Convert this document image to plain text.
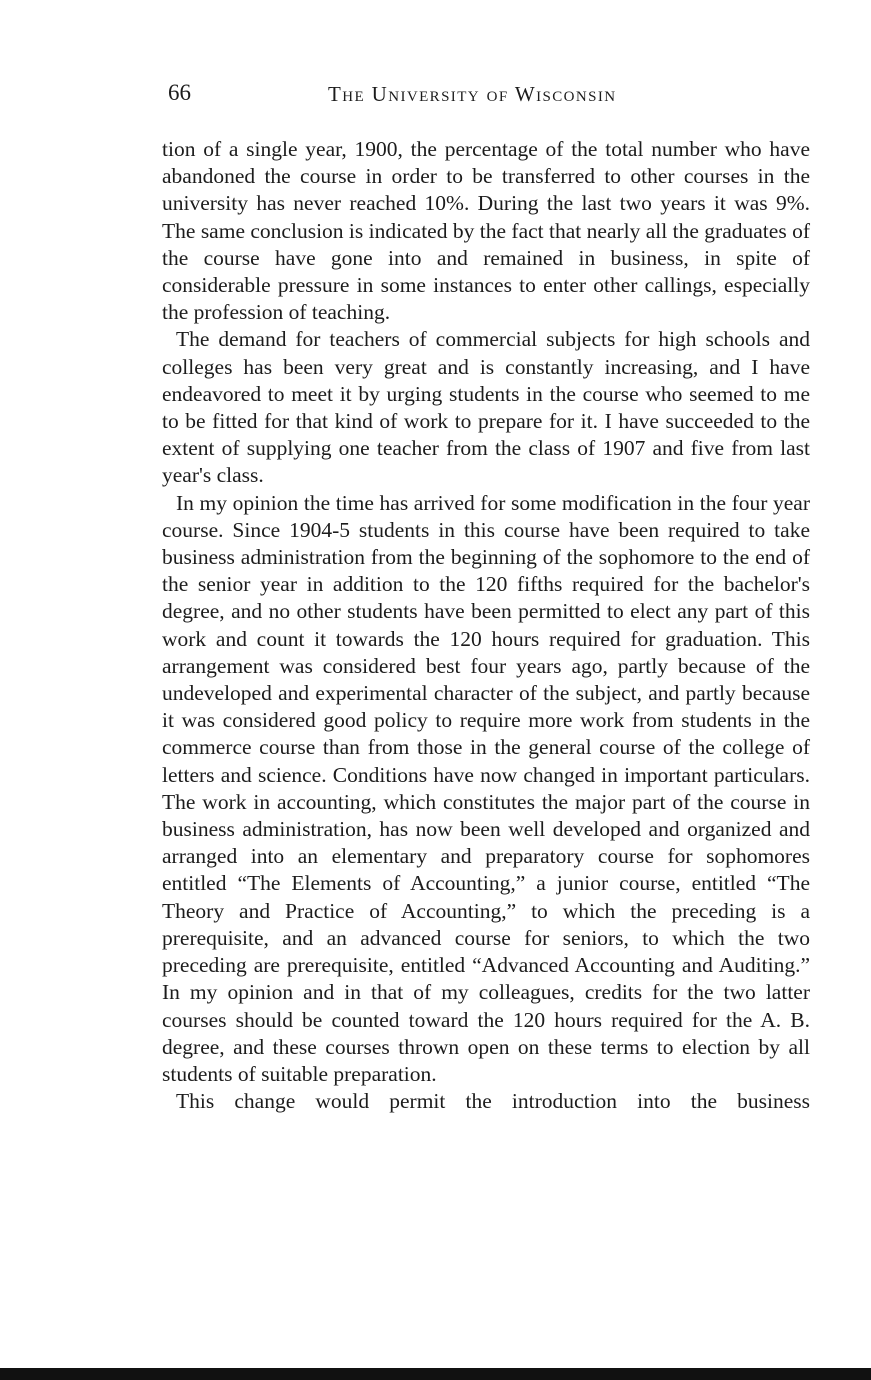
66	The University of Wisconsin

tion of a single year, 1900, the percentage of the total number who have abandoned the course in order to be transferred to other courses in the university has never reached 10%. During the last two years it was 9%. The same conclusion is indicated by the fact that nearly all the graduates of the course have gone into and remained in business, in spite of considerable pressure in some instances to enter other callings, especially the profession of teaching.

The demand for teachers of commercial subjects for high schools and colleges has been very great and is constantly increasing, and I have endeavored to meet it by urging students in the course who seemed to me to be fitted for that kind of work to prepare for it. I have succeeded to the extent of supplying one teacher from the class of 1907 and five from last year's class.

In my opinion the time has arrived for some modification in the four year course. Since 1904-5 students in this course have been required to take business administration from the beginning of the sophomore to the end of the senior year in addition to the 120 fifths required for the bachelor's degree, and no other students have been permitted to elect any part of this work and count it towards the 120 hours required for graduation. This arrangement was considered best four years ago, partly because of the undeveloped and experimental character of the subject, and partly because it was considered good policy to require more work from students in the commerce course than from those in the general course of the college of letters and science. Conditions have now changed in important particulars. The work in accounting, which constitutes the major part of the course in business administration, has now been well developed and organized and arranged into an elementary and preparatory course for sophomores entitled “The Elements of Accounting,” a junior course, entitled “The Theory and Practice of Accounting,” to which the preceding is a prerequisite, and an advanced course for seniors, to which the two preceding are prerequisite, entitled “Advanced Accounting and Auditing.” In my opinion and in that of my colleagues, credits for the two latter courses should be counted toward the 120 hours required for the A. B. degree, and these courses thrown open on these terms to election by all students of suitable preparation.

This change would permit the introduction into the business
